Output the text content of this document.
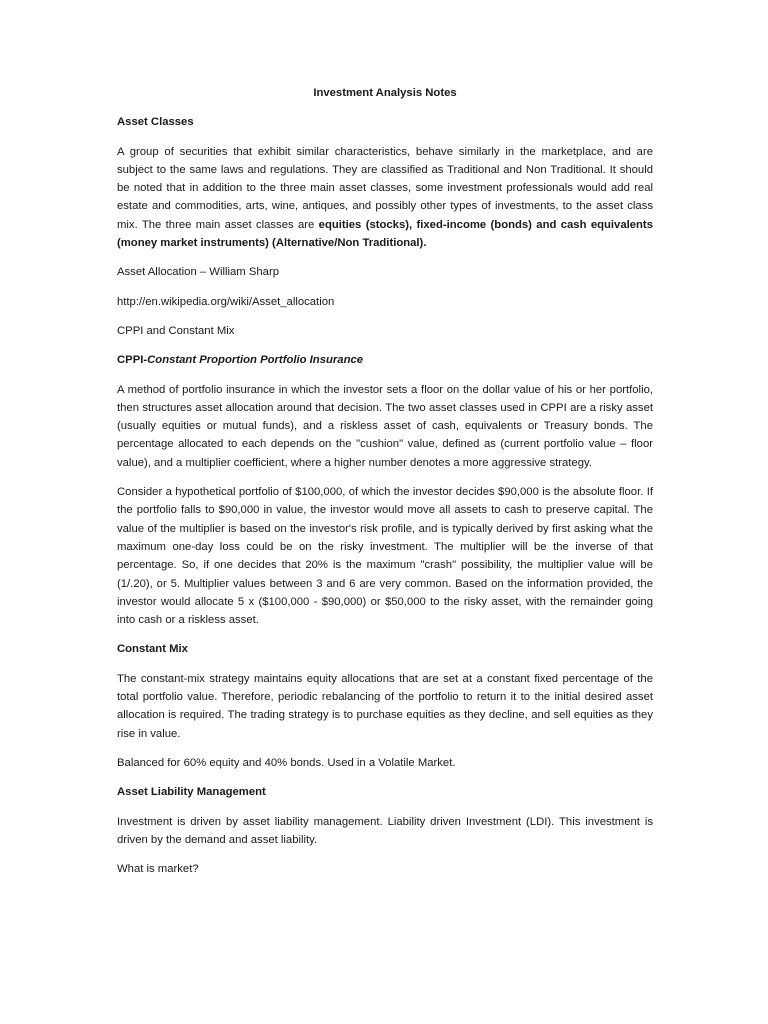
Investment Analysis Notes
Asset Classes

A group of securities that exhibit similar characteristics, behave similarly in the marketplace, and are subject to the same laws and regulations. They are classified as Traditional and Non Traditional. It should be noted that in addition to the three main asset classes, some investment professionals would add real estate and commodities, arts, wine, antiques, and possibly other types of investments, to the asset class mix. The three main asset classes are equities (stocks), fixed-income (bonds) and cash equivalents (money market instruments) (Alternative/Non Traditional).

Asset Allocation – William Sharp

http://en.wikipedia.org/wiki/Asset_allocation

CPPI and Constant Mix

CPPI-Constant Proportion Portfolio Insurance

A method of portfolio insurance in which the investor sets a floor on the dollar value of his or her portfolio, then structures asset allocation around that decision. The two asset classes used in CPPI are a risky asset (usually equities or mutual funds), and a riskless asset of cash, equivalents or Treasury bonds. The percentage allocated to each depends on the "cushion" value, defined as (current portfolio value – floor value), and a multiplier coefficient, where a higher number denotes a more aggressive strategy.

Consider a hypothetical portfolio of $100,000, of which the investor decides $90,000 is the absolute floor. If the portfolio falls to $90,000 in value, the investor would move all assets to cash to preserve capital. The value of the multiplier is based on the investor's risk profile, and is typically derived by first asking what the maximum one-day loss could be on the risky investment. The multiplier will be the inverse of that percentage. So, if one decides that 20% is the maximum "crash" possibility, the multiplier value will be (1/.20), or 5. Multiplier values between 3 and 6 are very common. Based on the information provided, the investor would allocate 5 x ($100,000 - $90,000) or $50,000 to the risky asset, with the remainder going into cash or a riskless asset.

Constant Mix

The constant-mix strategy maintains equity allocations that are set at a constant fixed percentage of the total portfolio value. Therefore, periodic rebalancing of the portfolio to return it to the initial desired asset allocation is required. The trading strategy is to purchase equities as they decline, and sell equities as they rise in value.

Balanced for 60% equity and 40% bonds. Used in a Volatile Market.

Asset Liability Management

Investment is driven by asset liability management. Liability driven Investment (LDI). This investment is driven by the demand and asset liability.

What is market?
